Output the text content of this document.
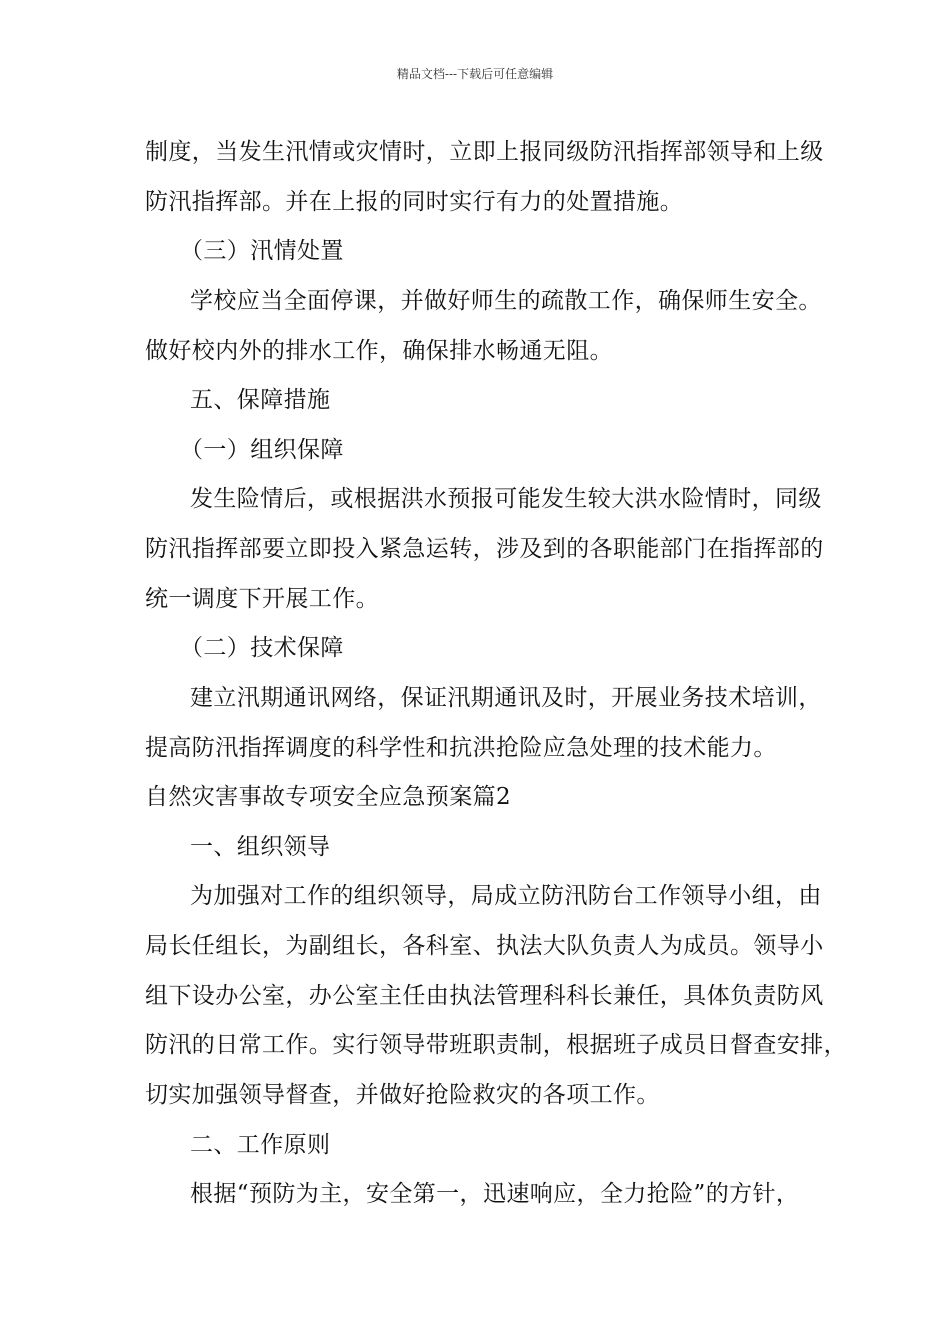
精品文档---下载后可任意编辑
制度，当发生汛情或灾情时，立即上报同级防汛指挥部领导和上级
防汛指挥部。并在上报的同时实行有力的处置措施。
（三）汛情处置
学校应当全面停课，并做好师生的疏散工作，确保师生安全。
做好校内外的排水工作，确保排水畅通无阻。
五、保障措施
（一）组织保障
发生险情后，或根据洪水预报可能发生较大洪水险情时，同级
防汛指挥部要立即投入紧急运转，涉及到的各职能部门在指挥部的
统一调度下开展工作。
（二）技术保障
建立汛期通讯网络，保证汛期通讯及时，开展业务技术培训，
提高防汛指挥调度的科学性和抗洪抢险应急处理的技术能力。
自然灾害事故专项安全应急预案篇2
一、组织领导
为加强对工作的组织领导，局成立防汛防台工作领导小组，由
局长任组长，为副组长，各科室、执法大队负责人为成员。领导小
组下设办公室，办公室主任由执法管理科科长兼任，具体负责防风
防汛的日常工作。实行领导带班职责制，根据班子成员日督查安排，
切实加强领导督查，并做好抢险救灾的各项工作。
二、工作原则
根据“预防为主，安全第一，迅速响应，全力抢险”的方针，
